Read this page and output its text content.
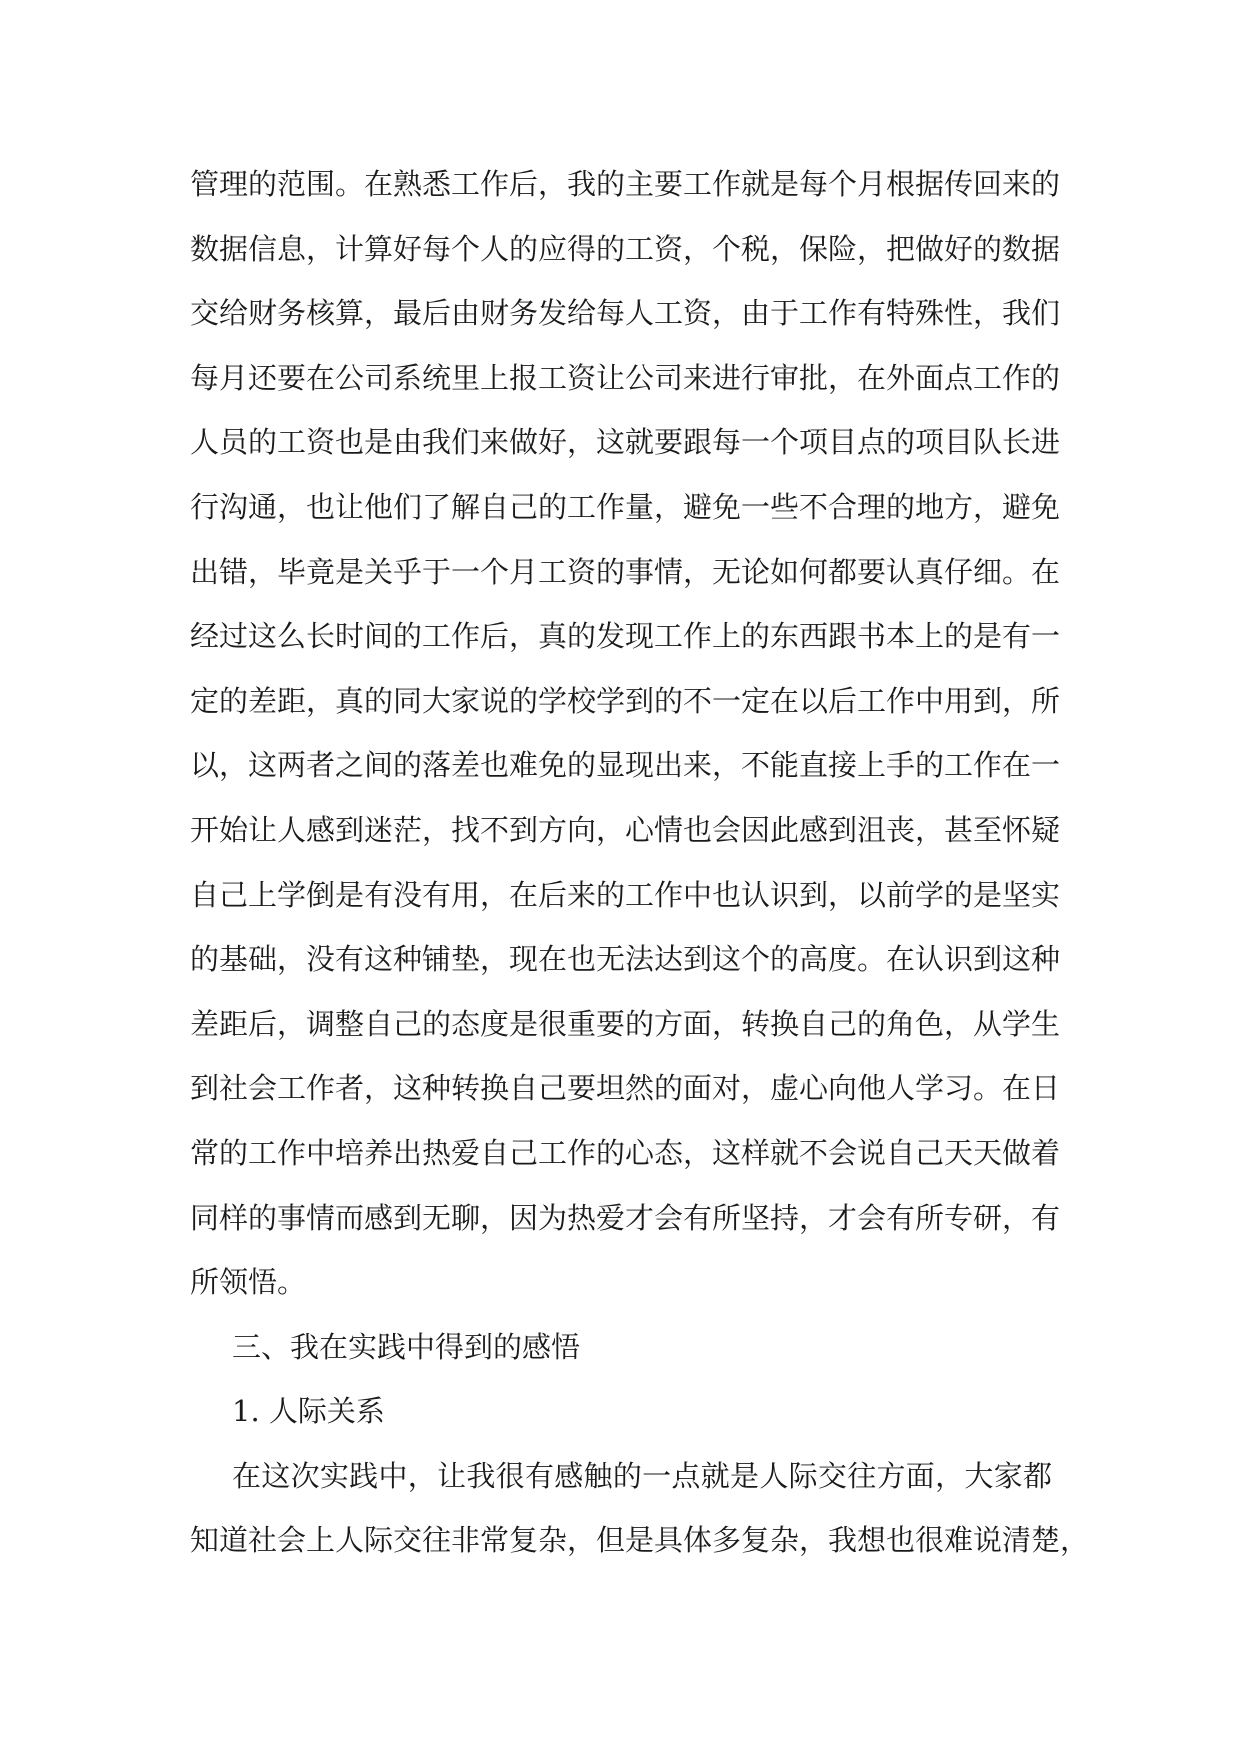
管理的范围。在熟悉工作后，我的主要工作就是每个月根据传回来的
数据信息，计算好每个人的应得的工资，个税，保险，把做好的数据
交给财务核算，最后由财务发给每人工资，由于工作有特殊性，我们
每月还要在公司系统里上报工资让公司来进行审批，在外面点工作的
人员的工资也是由我们来做好，这就要跟每一个项目点的项目队长进
行沟通，也让他们了解自己的工作量，避免一些不合理的地方，避免
出错，毕竟是关乎于一个月工资的事情，无论如何都要认真仔细。在
经过这么长时间的工作后，真的发现工作上的东西跟书本上的是有一
定的差距，真的同大家说的学校学到的不一定在以后工作中用到，所
以，这两者之间的落差也难免的显现出来，不能直接上手的工作在一
开始让人感到迷茫，找不到方向，心情也会因此感到沮丧，甚至怀疑
自己上学倒是有没有用，在后来的工作中也认识到，以前学的是坚实
的基础，没有这种铺垫，现在也无法达到这个的高度。在认识到这种
差距后，调整自己的态度是很重要的方面，转换自己的角色，从学生
到社会工作者，这种转换自己要坦然的面对，虚心向他人学习。在日
常的工作中培养出热爱自己工作的心态，这样就不会说自己天天做着
同样的事情而感到无聊，因为热爱才会有所坚持，才会有所专研，有
所领悟。
三、我在实践中得到的感悟
1. 人际关系
在这次实践中，让我很有感触的一点就是人际交往方面，大家都
知道社会上人际交往非常复杂，但是具体多复杂，我想也很难说清楚，
